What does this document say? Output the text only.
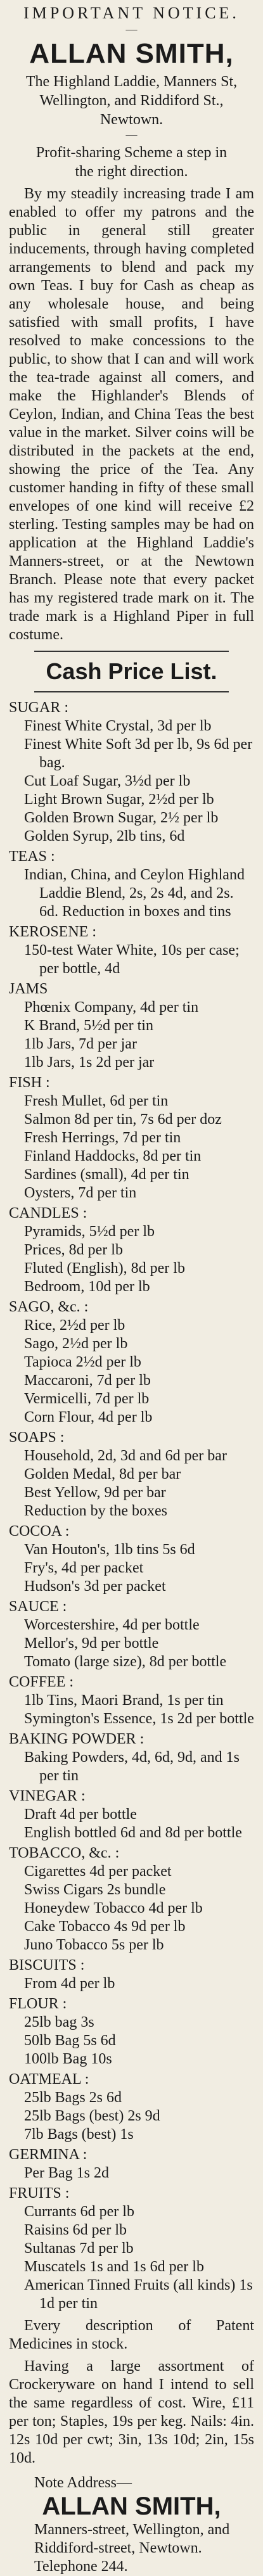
IMPORTANT NOTICE.
—
ALLAN SMITH,
The Highland Laddie, Manners St,
Wellington, and Riddiford St.,
Newtown.
—
Profit-sharing Scheme a step in
the right direction.
By my steadily increasing trade I am enabled to offer my patrons and the public in general still greater inducements, through having completed arrangements to blend and pack my own Teas. I buy for Cash as cheap as any wholesale house, and being satisfied with small profits, I have resolved to make concessions to the public, to show that I can and will work the tea-trade against all comers, and make the Highlander's Blends of Ceylon, Indian, and China Teas the best value in the market. Silver coins will be distributed in the packets at the end, showing the price of the Tea. Any customer handing in fifty of these small envelopes of one kind will receive £2 sterling. Testing samples may be had on application at the Highland Laddie's Manners-street, or at the Newtown Branch. Please note that every packet has my registered trade mark on it. The trade mark is a Highland Piper in full costume.
Cash Price List.
SUGAR :
Finest White Crystal, 3d per lb
Finest White Soft 3d per lb, 9s 6d per bag.
Cut Loaf Sugar, 3½d per lb
Light Brown Sugar, 2½d per lb
Golden Brown Sugar, 2½ per lb
Golden Syrup, 2lb tins, 6d
TEAS :
Indian, China, and Ceylon Highland Laddie Blend, 2s, 2s 4d, and 2s. 6d. Reduction in boxes and tins
KEROSENE :
150-test Water White, 10s per case; per bottle, 4d
JAMS
Phœnix Company, 4d per tin
K Brand, 5½d per tin
1lb Jars, 7d per jar
1lb Jars, 1s 2d per jar
FISH :
Fresh Mullet, 6d per tin
Salmon 8d per tin, 7s 6d per doz
Fresh Herrings, 7d per tin
Finland Haddocks, 8d per tin
Sardines (small), 4d per tin
Oysters, 7d per tin
CANDLES :
Pyramids, 5½d per lb
Prices, 8d per lb
Fluted (English), 8d per lb
Bedroom, 10d per lb
SAGO, &c. :
Rice, 2½d per lb
Sago, 2½d per lb
Tapioca 2½d per lb
Maccaroni, 7d per lb
Vermicelli, 7d per lb
Corn Flour, 4d per lb
SOAPS :
Household, 2d, 3d and 6d per bar
Golden Medal, 8d per bar
Best Yellow, 9d per bar
Reduction by the boxes
COCOA :
Van Houton's, 1lb tins 5s 6d
Fry's, 4d per packet
Hudson's 3d per packet
SAUCE :
Worcestershire, 4d per bottle
Mellor's, 9d per bottle
Tomato (large size), 8d per bottle
COFFEE :
1lb Tins, Maori Brand, 1s per tin
Symington's Essence, 1s 2d per bottle
BAKING POWDER :
Baking Powders, 4d, 6d, 9d, and 1s per tin
VINEGAR :
Draft 4d per bottle
English bottled 6d and 8d per bottle
TOBACCO, &c. :
Cigarettes 4d per packet
Swiss Cigars 2s bundle
Honeydew Tobacco 4d per lb
Cake Tobacco 4s 9d per lb
Juno Tobacco 5s per lb
BISCUITS :
From 4d per lb
FLOUR :
25lb bag 3s
50lb Bag 5s 6d
100lb Bag 10s
OATMEAL :
25lb Bags 2s 6d
25lb Bags (best) 2s 9d
7lb Bags (best) 1s
GERMINA :
Per Bag 1s 2d
FRUITS :
Currants 6d per lb
Raisins 6d per lb
Sultanas 7d per lb
Muscatels 1s and 1s 6d per lb
American Tinned Fruits (all kinds) 1s 1d per tin
Every description of Patent Medicines in stock.
Having a large assortment of Crockeryware on hand I intend to sell the same regardless of cost. Wire, £11 per ton; Staples, 19s per keg. Nails: 4in. 12s 10d per cwt; 3in, 13s 10d; 2in, 15s 10d.
Note Address—
ALLAN SMITH,
Manners-street, Wellington, and
Riddiford-street, Newtown.
Telephone 244.
